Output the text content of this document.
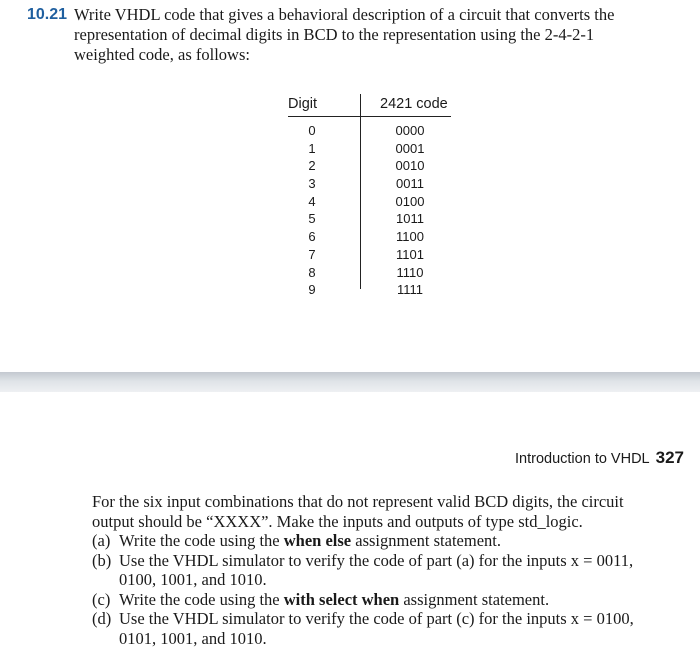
10.21 Write VHDL code that gives a behavioral description of a circuit that converts the
representation of decimal digits in BCD to the representation using the 2-4-2-1
weighted code, as follows:
Digit	2421 code
0
1
2
3
4
5
6
7
8
9
0000
0001
0010
0011
0100
1011
1100
1101
1110
1111
Introduction to VHDL 327
For the six input combinations that do not represent valid BCD digits, the circuit
output should be “XXXX”. Make the inputs and outputs of type std_logic.
(a) Write the code using the when else assignment statement.
(b) Use the VHDL simulator to verify the code of part (a) for the inputs x = 0011,
0100, 1001, and 1010.
(c) Write the code using the with select when assignment statement.
(d) Use the VHDL simulator to verify the code of part (c) for the inputs x = 0100,
0101, 1001, and 1010.
